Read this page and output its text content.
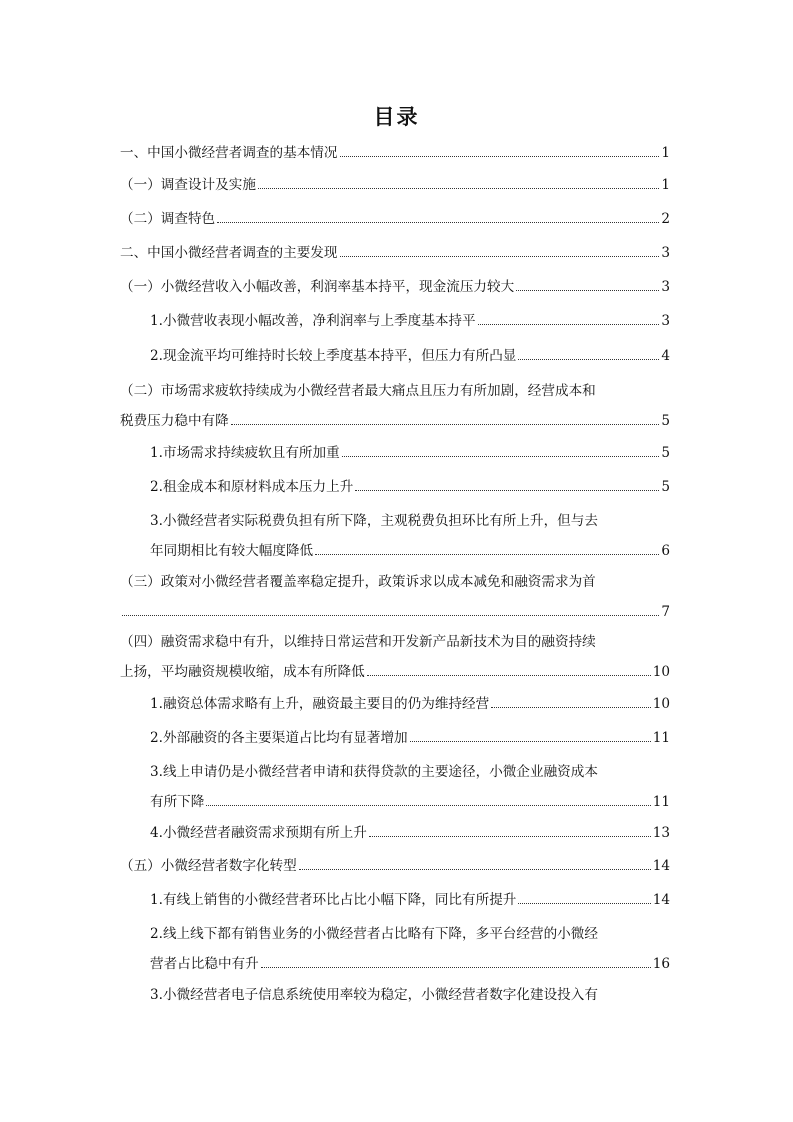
目录
一、中国小微经营者调查的基本情况	1
（一）调查设计及实施	1
（二）调查特色	2
二、中国小微经营者调查的主要发现	3
（一）小微经营收入小幅改善，利润率基本持平，现金流压力较大	3
1.小微营收表现小幅改善，净利润率与上季度基本持平	3
2.现金流平均可维持时长较上季度基本持平，但压力有所凸显	4
（二）市场需求疲软持续成为小微经营者最大痛点且压力有所加剧，经营成本和
税费压力稳中有降	5
1.市场需求持续疲软且有所加重	5
2.租金成本和原材料成本压力上升	5
3.小微经营者实际税费负担有所下降，主观税费负担环比有所上升，但与去
年同期相比有较大幅度降低	6
（三）政策对小微经营者覆盖率稳定提升，政策诉求以成本减免和融资需求为首
7
（四）融资需求稳中有升，以维持日常运营和开发新产品新技术为目的融资持续
上扬，平均融资规模收缩，成本有所降低	10
1.融资总体需求略有上升，融资最主要目的仍为维持经营	10
2.外部融资的各主要渠道占比均有显著增加	11
3.线上申请仍是小微经营者申请和获得贷款的主要途径，小微企业融资成本
有所下降	11
4.小微经营者融资需求预期有所上升	13
（五）小微经营者数字化转型	14
1.有线上销售的小微经营者环比占比小幅下降，同比有所提升	14
2.线上线下都有销售业务的小微经营者占比略有下降，多平台经营的小微经
营者占比稳中有升	16
3.小微经营者电子信息系统使用率较为稳定，小微经营者数字化建设投入有
